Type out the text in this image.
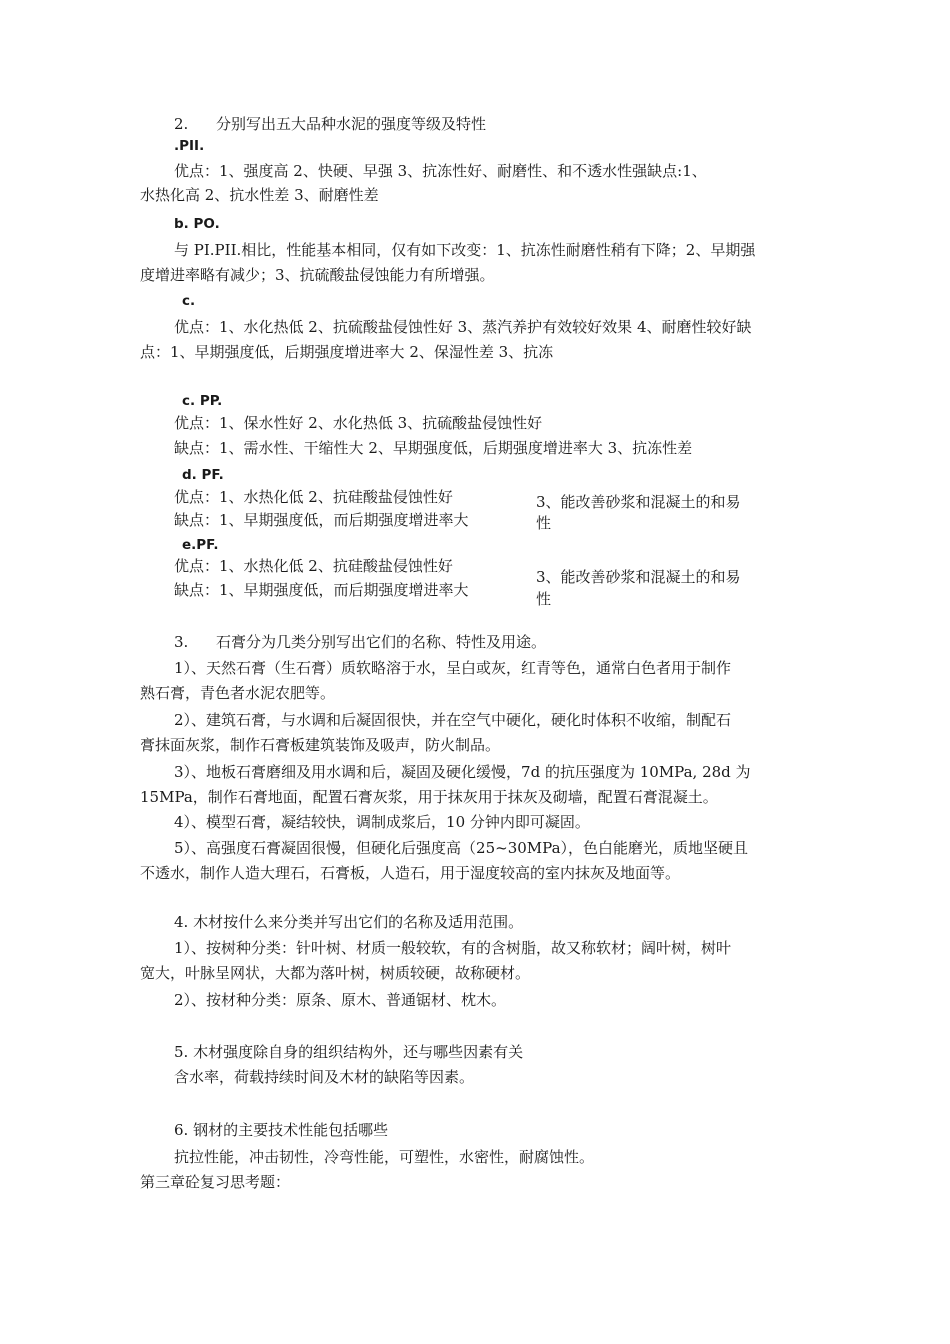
2. 分别写出五大品种水泥的强度等级及特性
.PII.
优点：1、强度高 2、快硬、早强 3、抗冻性好、耐磨性、和不透水性强缺点:1、
水热化高 2、抗水性差 3、耐磨性差
b. PO.
与 PI.PII.相比，性能基本相同，仅有如下改变：1、抗冻性耐磨性稍有下降；2、早期强
度增进率略有减少；3、抗硫酸盐侵蚀能力有所增强。
c.
优点：1、水化热低 2、抗硫酸盐侵蚀性好 3、蒸汽养护有效较好效果 4、耐磨性较好缺
点：1、早期强度低，后期强度增进率大 2、保湿性差 3、抗冻
c. PP.
优点：1、保水性好 2、水化热低 3、抗硫酸盐侵蚀性好
缺点：1、需水性、干缩性大 2、早期强度低，后期强度增进率大 3、抗冻性差
d. PF.
优点：1、水热化低 2、抗硅酸盐侵蚀性好
缺点：1、早期强度低，而后期强度增进率大
3、能改善砂浆和混凝土的和易
性
e.PF.
优点：1、水热化低 2、抗硅酸盐侵蚀性好
缺点：1、早期强度低，而后期强度增进率大
3、能改善砂浆和混凝土的和易
性
3. 石膏分为几类分别写出它们的名称、特性及用途。
1）、天然石膏（生石膏）质软略溶于水，呈白或灰，红青等色，通常白色者用于制作
熟石膏，青色者水泥农肥等。
2）、建筑石膏，与水调和后凝固很快，并在空气中硬化，硬化时体积不收缩，制配石
膏抹面灰浆，制作石膏板建筑装饰及吸声，防火制品。
3）、地板石膏磨细及用水调和后，凝固及硬化缓慢，7d 的抗压强度为 10MPa, 28d 为
15MPa，制作石膏地面，配置石膏灰浆，用于抹灰用于抹灰及砌墙，配置石膏混凝土。
4）、模型石膏，凝结较快，调制成浆后，10 分钟内即可凝固。
5）、高强度石膏凝固很慢，但硬化后强度高（25~30MPa），色白能磨光，质地坚硬且
不透水，制作人造大理石，石膏板，人造石，用于湿度较高的室内抹灰及地面等。
4. 木材按什么来分类并写出它们的名称及适用范围。
1）、按树种分类：针叶树、材质一般较软，有的含树脂，故又称软材；阔叶树，树叶
宽大，叶脉呈网状，大都为落叶树，树质较硬，故称硬材。
2）、按材种分类：原条、原木、普通锯材、枕木。
5. 木材强度除自身的组织结构外，还与哪些因素有关
含水率，荷载持续时间及木材的缺陷等因素。
6. 钢材的主要技术性能包括哪些
抗拉性能，冲击韧性，冷弯性能，可塑性，水密性，耐腐蚀性。
第三章砼复习思考题：
